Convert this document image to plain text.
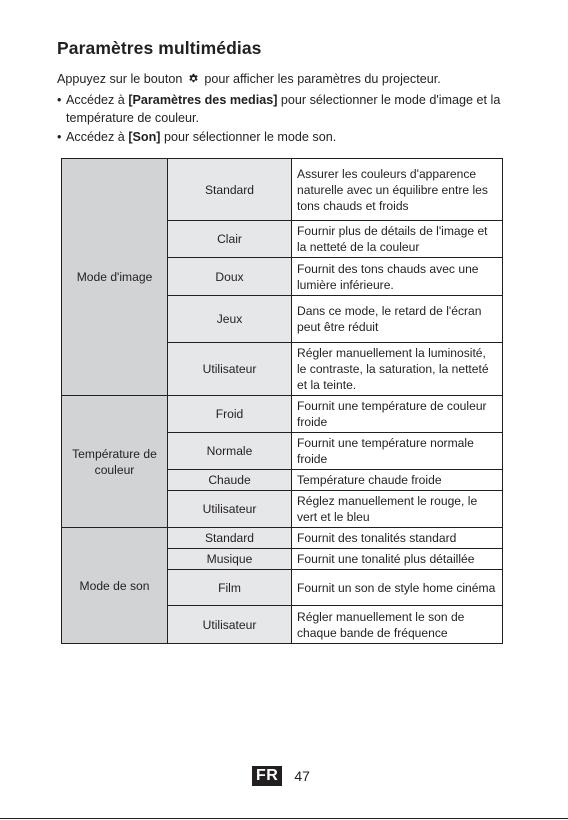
Paramètres multimédias

Appuyez sur le bouton pour afficher les paramètres du projecteur.

• Accédez à [Paramètres des medias] pour sélectionner le mode d'image et la température de couleur.
• Accédez à [Son] pour sélectionner le mode son.
Mode d'image	Standard	Assurer les couleurs d'apparence naturelle avec un équilibre entre les tons chauds et froids
	Clair	Fournir plus de détails de l'image et la netteté de la couleur
	Doux	Fournit des tons chauds avec une lumière inférieure.
	Jeux	Dans ce mode, le retard de l'écran peut être réduit
	Utilisateur	Régler manuellement la luminosité, le contraste, la saturation, la netteté et la teinte.
Température de couleur	Froid	Fournit une température de couleur froide
	Normale	Fournit une température normale froide
	Chaude	Température chaude froide
	Utilisateur	Réglez manuellement le rouge, le vert et le bleu
Mode de son	Standard	Fournit des tonalités standard
	Musique	Fournit une tonalité plus détaillée
	Film	Fournit un son de style home cinéma
	Utilisateur	Régler manuellement le son de chaque bande de fréquence
FR 47
